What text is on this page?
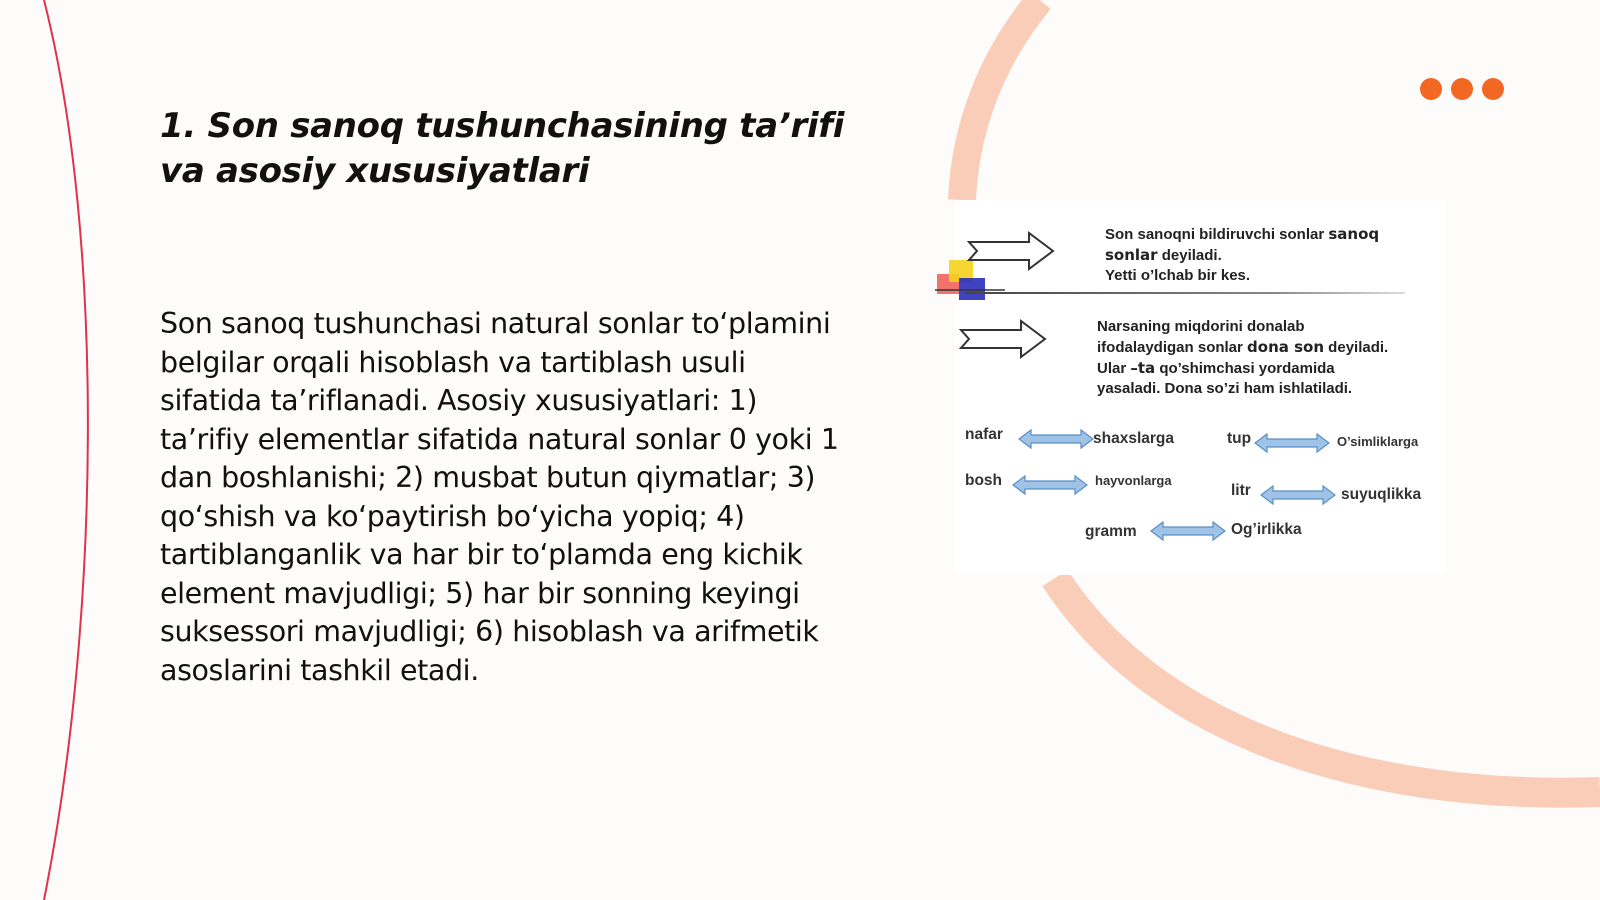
1. Son sanoq tushunchasining ta’rifi va asosiy xususiyatlari

Son sanoq tushunchasi natural sonlar to‘plamini belgilar orqali hisoblash va tartiblash usuli sifatida ta’riflanadi. Asosiy xususiyatlari: 1) ta’rifiy elementlar sifatida natural sonlar 0 yoki 1 dan boshlanishi; 2) musbat butun qiymatlar; 3) qo‘shish va ko‘paytirish bo‘yicha yopiq; 4) tartiblanganlik va har bir to‘plamda eng kichik element mavjudligi; 5) har bir sonning keyingi suksessori mavjudligi; 6) hisoblash va arifmetik asoslarini tashkil etadi.

Son sanoqni bildiruvchi sonlar sanoq
sonlar deyiladi.
Yetti o’lchab bir kes.
Narsaning miqdorini donalab
ifodalaydigan sonlar dona son deyiladi.
Ular –ta qo’shimchasi yordamida
yasaladi. Dona so’zi ham ishlatiladi.
nafar	shaxslarga	tup	O’simliklarga
bosh	hayvonlarga
litr	suyuqlikka
gramm	Og’irlikka
